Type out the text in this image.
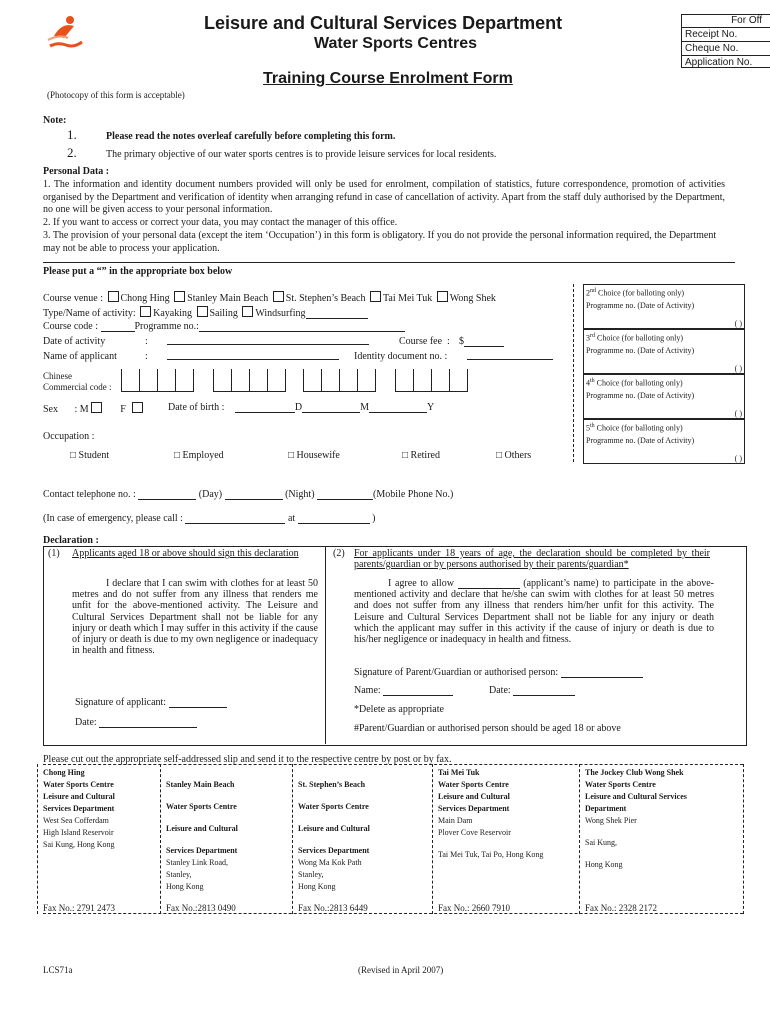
Leisure and Cultural Services Department
Water Sports Centres
For Off
Receipt No.
Cheque No.
Application No.
Training Course Enrolment Form
(Photocopy of this form is acceptable)
Note:
1.	Please read the notes overleaf carefully before completing this form.
2.	The primary objective of our water sports centres is to provide leisure services for local residents.
Personal Data :
1. The information and identity document numbers provided will only be used for enrolment, compilation of statistics, future correspondence, promotion of activities organised by the Department and verification of identity when arranging refund in case of cancellation of activity. Apart from the staff duly authorised by the Department, no one will be given access to your personal information.
2. If you want to access or correct your data, you may contact the manager of this office.
3. The provision of your personal data (except the item ‘Occupation’) in this form is obligatory. If you do not provide the personal information required, the Department may not be able to process your application.
Please put a “” in the appropriate box below
Course venue : Chong Hing Stanley Main Beach St. Stephen’s Beach Tai Mei Tuk Wong Shek
Type/Name of activity: Kayaking Sailing Windsurfing
Course code :	Programme no.:
Date of activity	:	Course fee : $
Name of applicant	:	Identity document no. :
Chinese
Commercial code :
Sex : M	F	Date of birth :	D	M	Y
Occupation :
□ Student	□ Employed	□ Housewife	□ Retired	□ Others
2nd Choice (for balloting only)
Programme no. (Date of Activity)
( )
3rd Choice (for balloting only)
Programme no. (Date of Activity)
( )
4th Choice (for balloting only)
Programme no. (Date of Activity)
( )
5th Choice (for balloting only)
Programme no. (Date of Activity)
( )
Contact telephone no. :	(Day)	(Night)	(Mobile Phone No.)
(In case of emergency, please call :	at	)
Declaration :
(1) Applicants aged 18 or above should sign this declaration
I declare that I can swim with clothes for at least 50 metres and do not suffer from any illness that renders me unfit for the above-mentioned activity. The Leisure and Cultural Services Department shall not be liable for any injury or death which I may suffer in this activity if the cause of injury or death is due to my own negligence or inadequacy in health and fitness.
Signature of applicant:
Date:
(2) For applicants under 18 years of age, the declaration should be completed by their parents/guardian or by persons authorised by their parents/guardian*
I agree to allow	(applicant’s name) to participate in the above-mentioned activity and declare that he/she can swim with clothes for at least 50 metres and does not suffer from any illness that renders him/her unfit for this activity. The Leisure and Cultural Services Department shall not be liable for any injury or death which the applicant may suffer in this activity if the cause of injury or death is due to his/her negligence or inadequacy in health and fitness.
Signature of Parent/Guardian or authorised person:
Name:	Date:
*Delete as appropriate
#Parent/Guardian or authorised person should be aged 18 or above
Please cut out the appropriate self-addressed slip and send it to the respective centre by post or by fax.
Chong Hing
Water Sports Centre
Leisure and Cultural
Services Department
West Sea Cofferdam
High Island Reservoir
Sai Kung, Hong Kong
Fax No.: 2791 2473
Stanley Main Beach
Water Sports Centre
Leisure and Cultural
Services Department
Stanley Link Road,
Stanley,
Hong Kong
Fax No.:2813 0490
St. Stephen’s Beach
Water Sports Centre
Leisure and Cultural
Services Department
Wong Ma Kok Path
Stanley,
Hong Kong
Fax No.:2813 6449
Tai Mei Tuk
Water Sports Centre
Leisure and Cultural
Services Department
Main Dam
Plover Cove Reservoir
Tai Mei Tuk, Tai Po, Hong Kong
Fax No.: 2660 7910
The Jockey Club Wong Shek
Water Sports Centre
Leisure and Cultural Services
Department
Wong Shek Pier
Sai Kung,
Hong Kong
Fax No.: 2328 2172
LCS71a	(Revised in April 2007)
